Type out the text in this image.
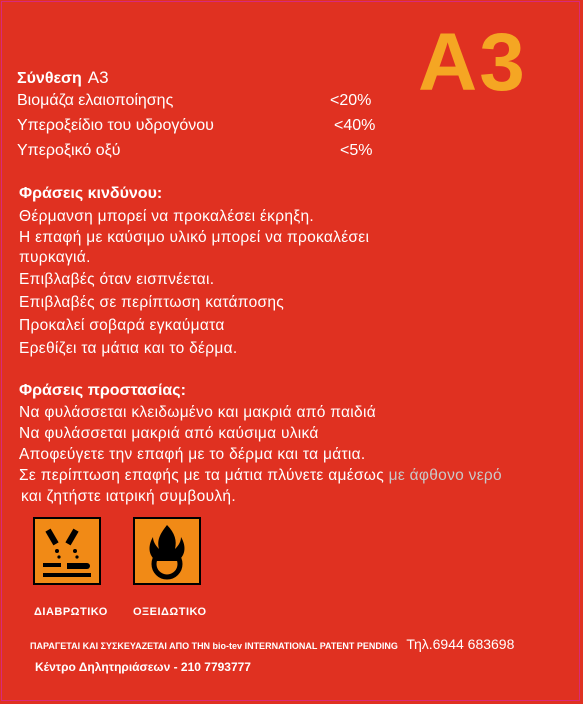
A3
Σύνθεση A3
Βιομάζα ελαιοποίησης	<20%
Υπεροξείδιο του υδρογόνου	<40%
Υπεροξικό οξύ	<5%
Φράσεις κινδύνου:
Θέρμανση μπορεί να προκαλέσει έκρηξη.
Η επαφή με καύσιμο υλικό μπορεί να προκαλέσει
πυρκαγιά.
Επιβλαβές όταν εισπνέεται.
Επιβλαβές σε περίπτωση κατάποσης
Προκαλεί σοβαρά εγκαύματα
Ερεθίζει τα μάτια και το δέρμα.
Φράσεις προστασίας:
Να φυλάσσεται κλειδωμένο και μακριά από παιδιά
Να φυλάσσεται μακριά από καύσιμα υλικά
Αποφεύγετε την επαφή με το δέρμα και τα μάτια.
Σε περίπτωση επαφής με τα μάτια πλύνετε αμέσως με άφθονο νερό
και ζητήστε ιατρική συμβουλή.
ΔΙΑΒΡΩΤΙΚΟ ΟΞΕΙΔΩΤΙΚΟ
ΠΑΡΑΓΕΤΑΙ ΚΑΙ ΣΥΣΚΕΥΑΖΕΤΑΙ ΑΠΟ ΤΗΝ bio-tev INTERNATIONAL PATENT PENDING Τηλ.6944 683698
Κέντρο Δηλητηριάσεων - 210 7793777
